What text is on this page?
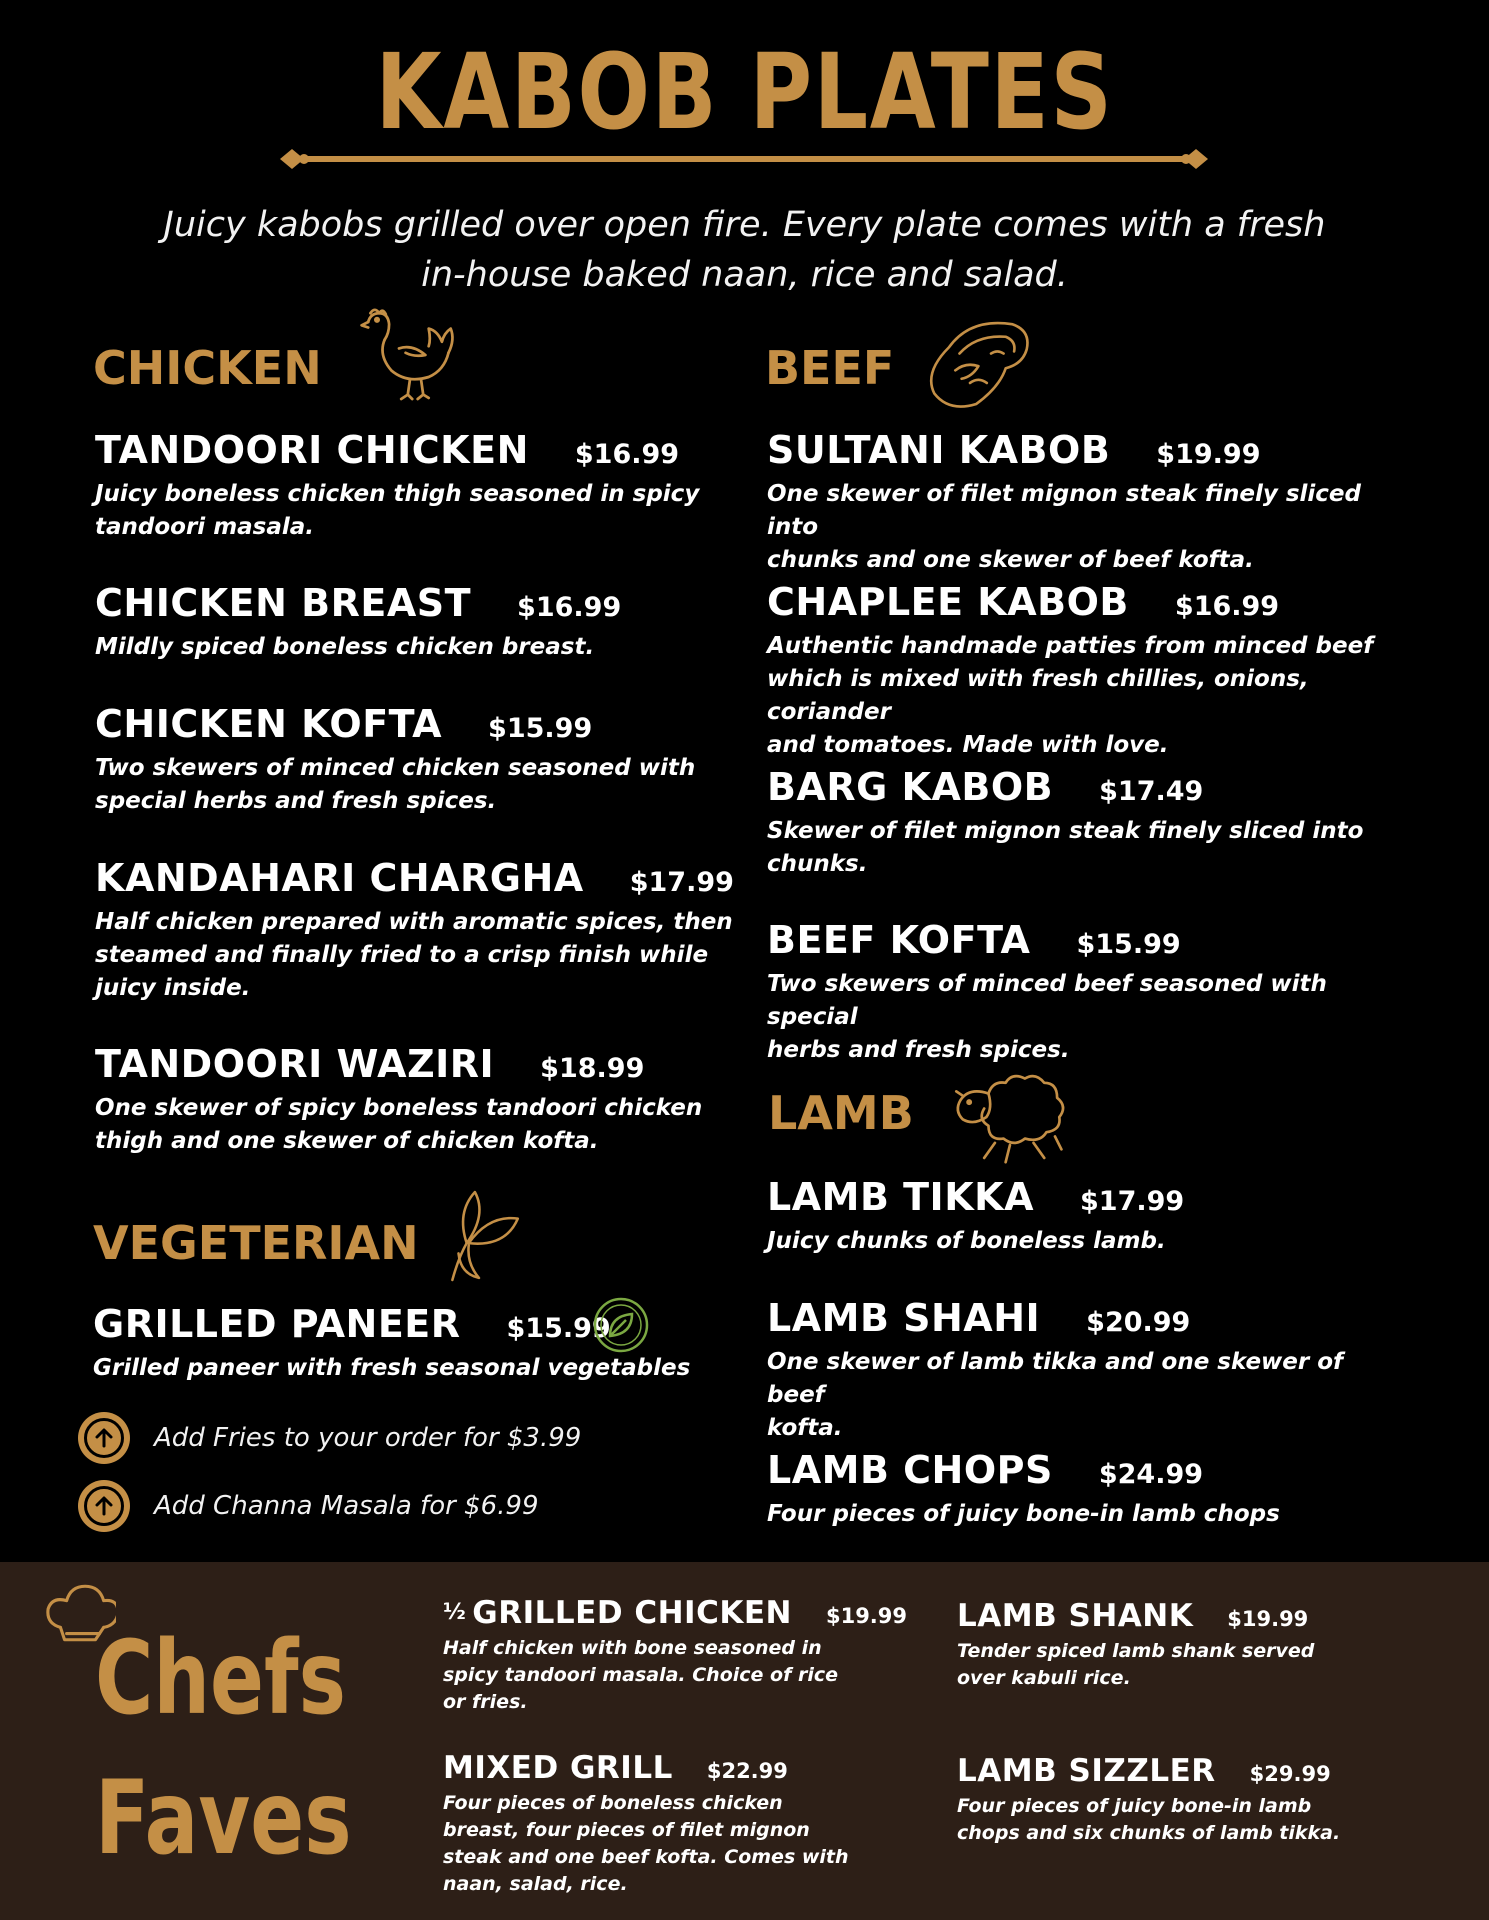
KABOB PLATES
Juicy kabobs grilled over open fire. Every plate comes with a fresh
in-house baked naan, rice and salad.
CHICKEN
TANDOORI CHICKEN $16.99
Juicy boneless chicken thigh seasoned in spicy
tandoori masala.
CHICKEN BREAST $16.99
Mildly spiced boneless chicken breast.
CHICKEN KOFTA $15.99
Two skewers of minced chicken seasoned with
special herbs and fresh spices.
KANDAHARI CHARGHA $17.99
Half chicken prepared with aromatic spices, then
steamed and finally fried to a crisp finish while
juicy inside.
TANDOORI WAZIRI $18.99
One skewer of spicy boneless tandoori chicken
thigh and one skewer of chicken kofta.
VEGETERIAN
GRILLED PANEER $15.99
Grilled paneer with fresh seasonal vegetables
Add Fries to your order for $3.99
Add Channa Masala for $6.99
BEEF
SULTANI KABOB $19.99
One skewer of filet mignon steak finely sliced into
chunks and one skewer of beef kofta.
CHAPLEE KABOB $16.99
Authentic handmade patties from minced beef
which is mixed with fresh chillies, onions, coriander
and tomatoes. Made with love.
BARG KABOB $17.49
Skewer of filet mignon steak finely sliced into
chunks.
BEEF KOFTA $15.99
Two skewers of minced beef seasoned with special
herbs and fresh spices.
LAMB
LAMB TIKKA $17.99
Juicy chunks of boneless lamb.
LAMB SHAHI $20.99
One skewer of lamb tikka and one skewer of beef
kofta.
LAMB CHOPS $24.99
Four pieces of juicy bone-in lamb chops
Chefs
Faves
½ GRILLED CHICKEN $19.99
Half chicken with bone seasoned in
spicy tandoori masala. Choice of rice
or fries.
LAMB SHANK $19.99
Tender spiced lamb shank served
over kabuli rice.
MIXED GRILL $22.99
Four pieces of boneless chicken
breast, four pieces of filet mignon
steak and one beef kofta. Comes with
naan, salad, rice.
LAMB SIZZLER $29.99
Four pieces of juicy bone-in lamb
chops and six chunks of lamb tikka.
